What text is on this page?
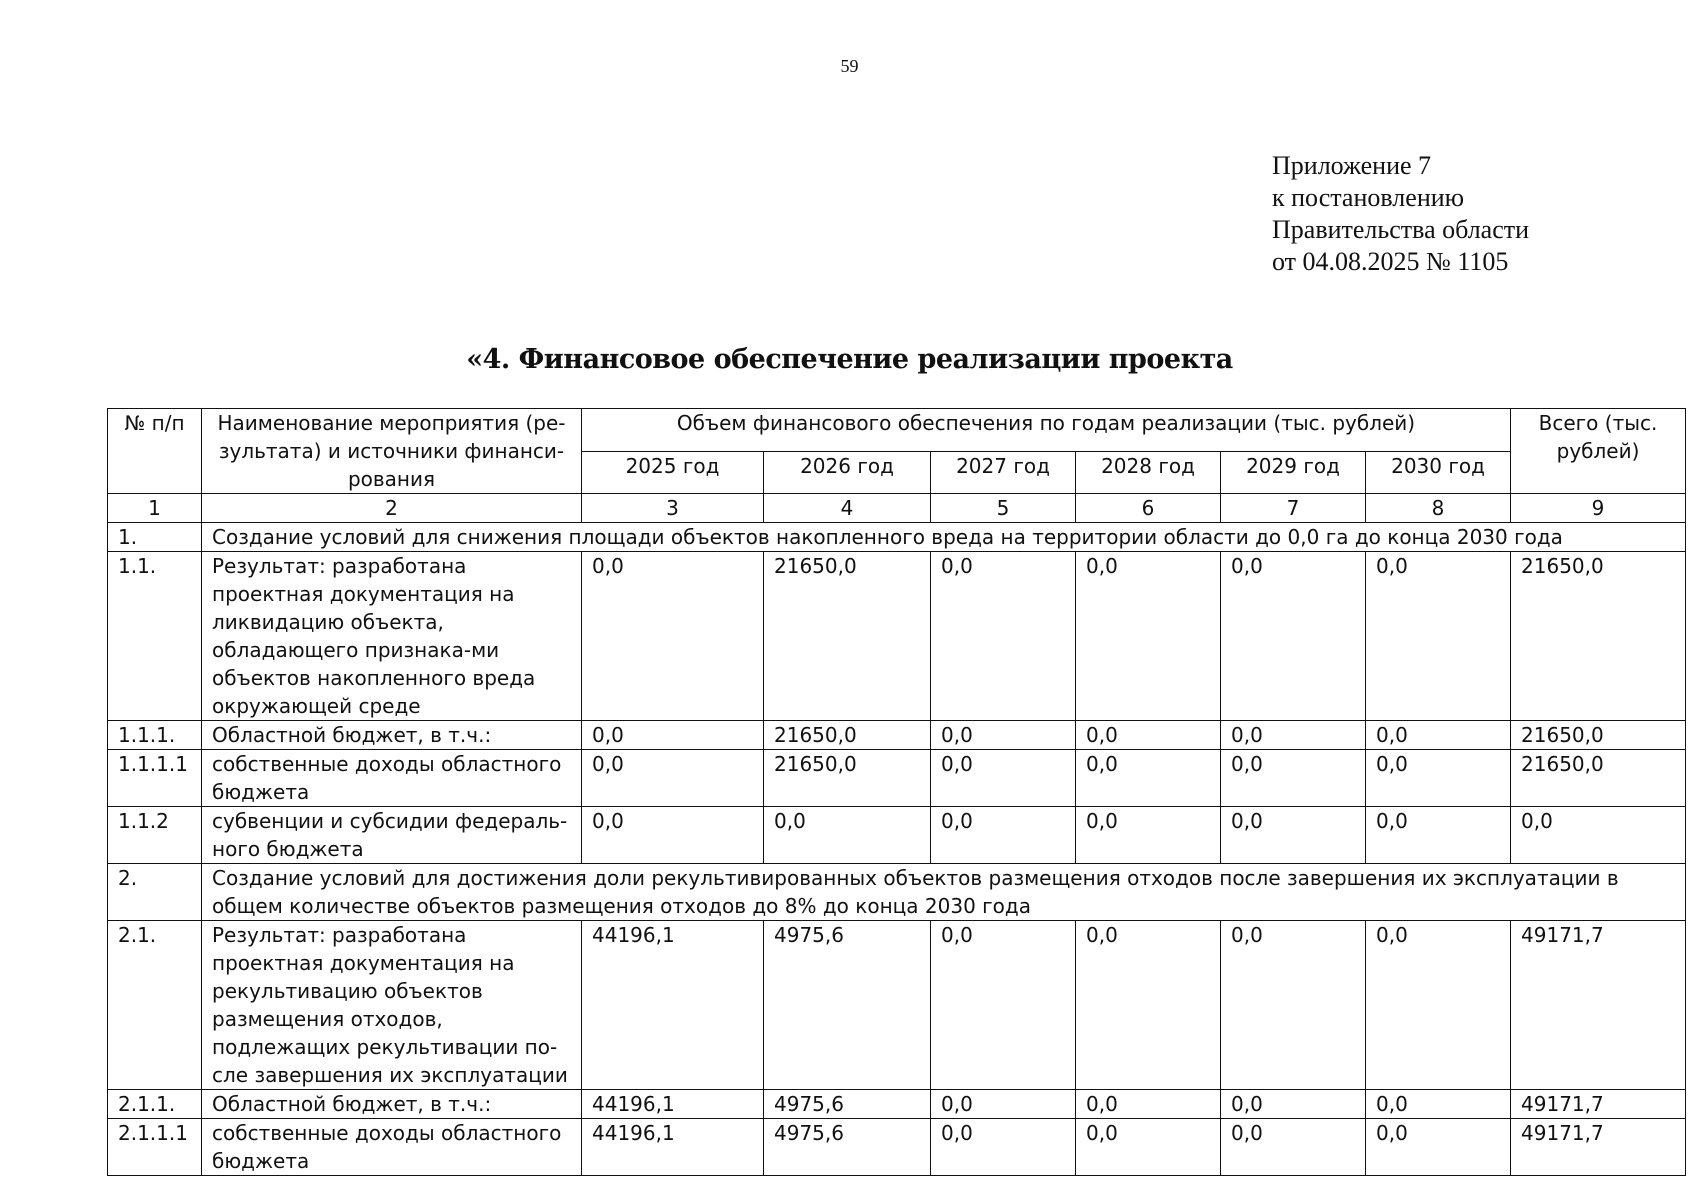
59
Приложение 7
к постановлению
Правительства области
от 04.08.2025 № 1105
«4. Финансовое обеспечение реализации проекта
№ п/п	Наименование мероприятия (ре-зультата) и источники финанси-рования	Объем финансового обеспечения по годам реализации (тыс. рублей)						Всего (тыс. рублей)
		2025 год	2026 год	2027 год	2028 год	2029 год	2030 год	
1	2	3	4	5	6	7	8	9
1.	Создание условий для снижения площади объектов накопленного вреда на территории области до 0,0 га до конца 2030 года							
1.1.	Результат: разработана проектная документация на ликвидацию объекта, обладающего признака-ми объектов накопленного вреда окружающей среде	0,0	21650,0	0,0	0,0	0,0	0,0	21650,0
1.1.1.	Областной бюджет, в т.ч.:	0,0	21650,0	0,0	0,0	0,0	0,0	21650,0
1.1.1.1	собственные доходы областного бюджета	0,0	21650,0	0,0	0,0	0,0	0,0	21650,0
1.1.2	субвенции и субсидии федераль-ного бюджета	0,0	0,0	0,0	0,0	0,0	0,0	0,0
2.	Создание условий для достижения доли рекультивированных объектов размещения отходов после завершения их эксплуатации в общем количестве объектов размещения отходов до 8% до конца 2030 года							
2.1.	Результат: разработана проектная документация на рекультивацию объектов размещения отходов, подлежащих рекультивации по-сле завершения их эксплуатации	44196,1	4975,6	0,0	0,0	0,0	0,0	49171,7
2.1.1.	Областной бюджет, в т.ч.:	44196,1	4975,6	0,0	0,0	0,0	0,0	49171,7
2.1.1.1	собственные доходы областного бюджета	44196,1	4975,6	0,0	0,0	0,0	0,0	49171,7
